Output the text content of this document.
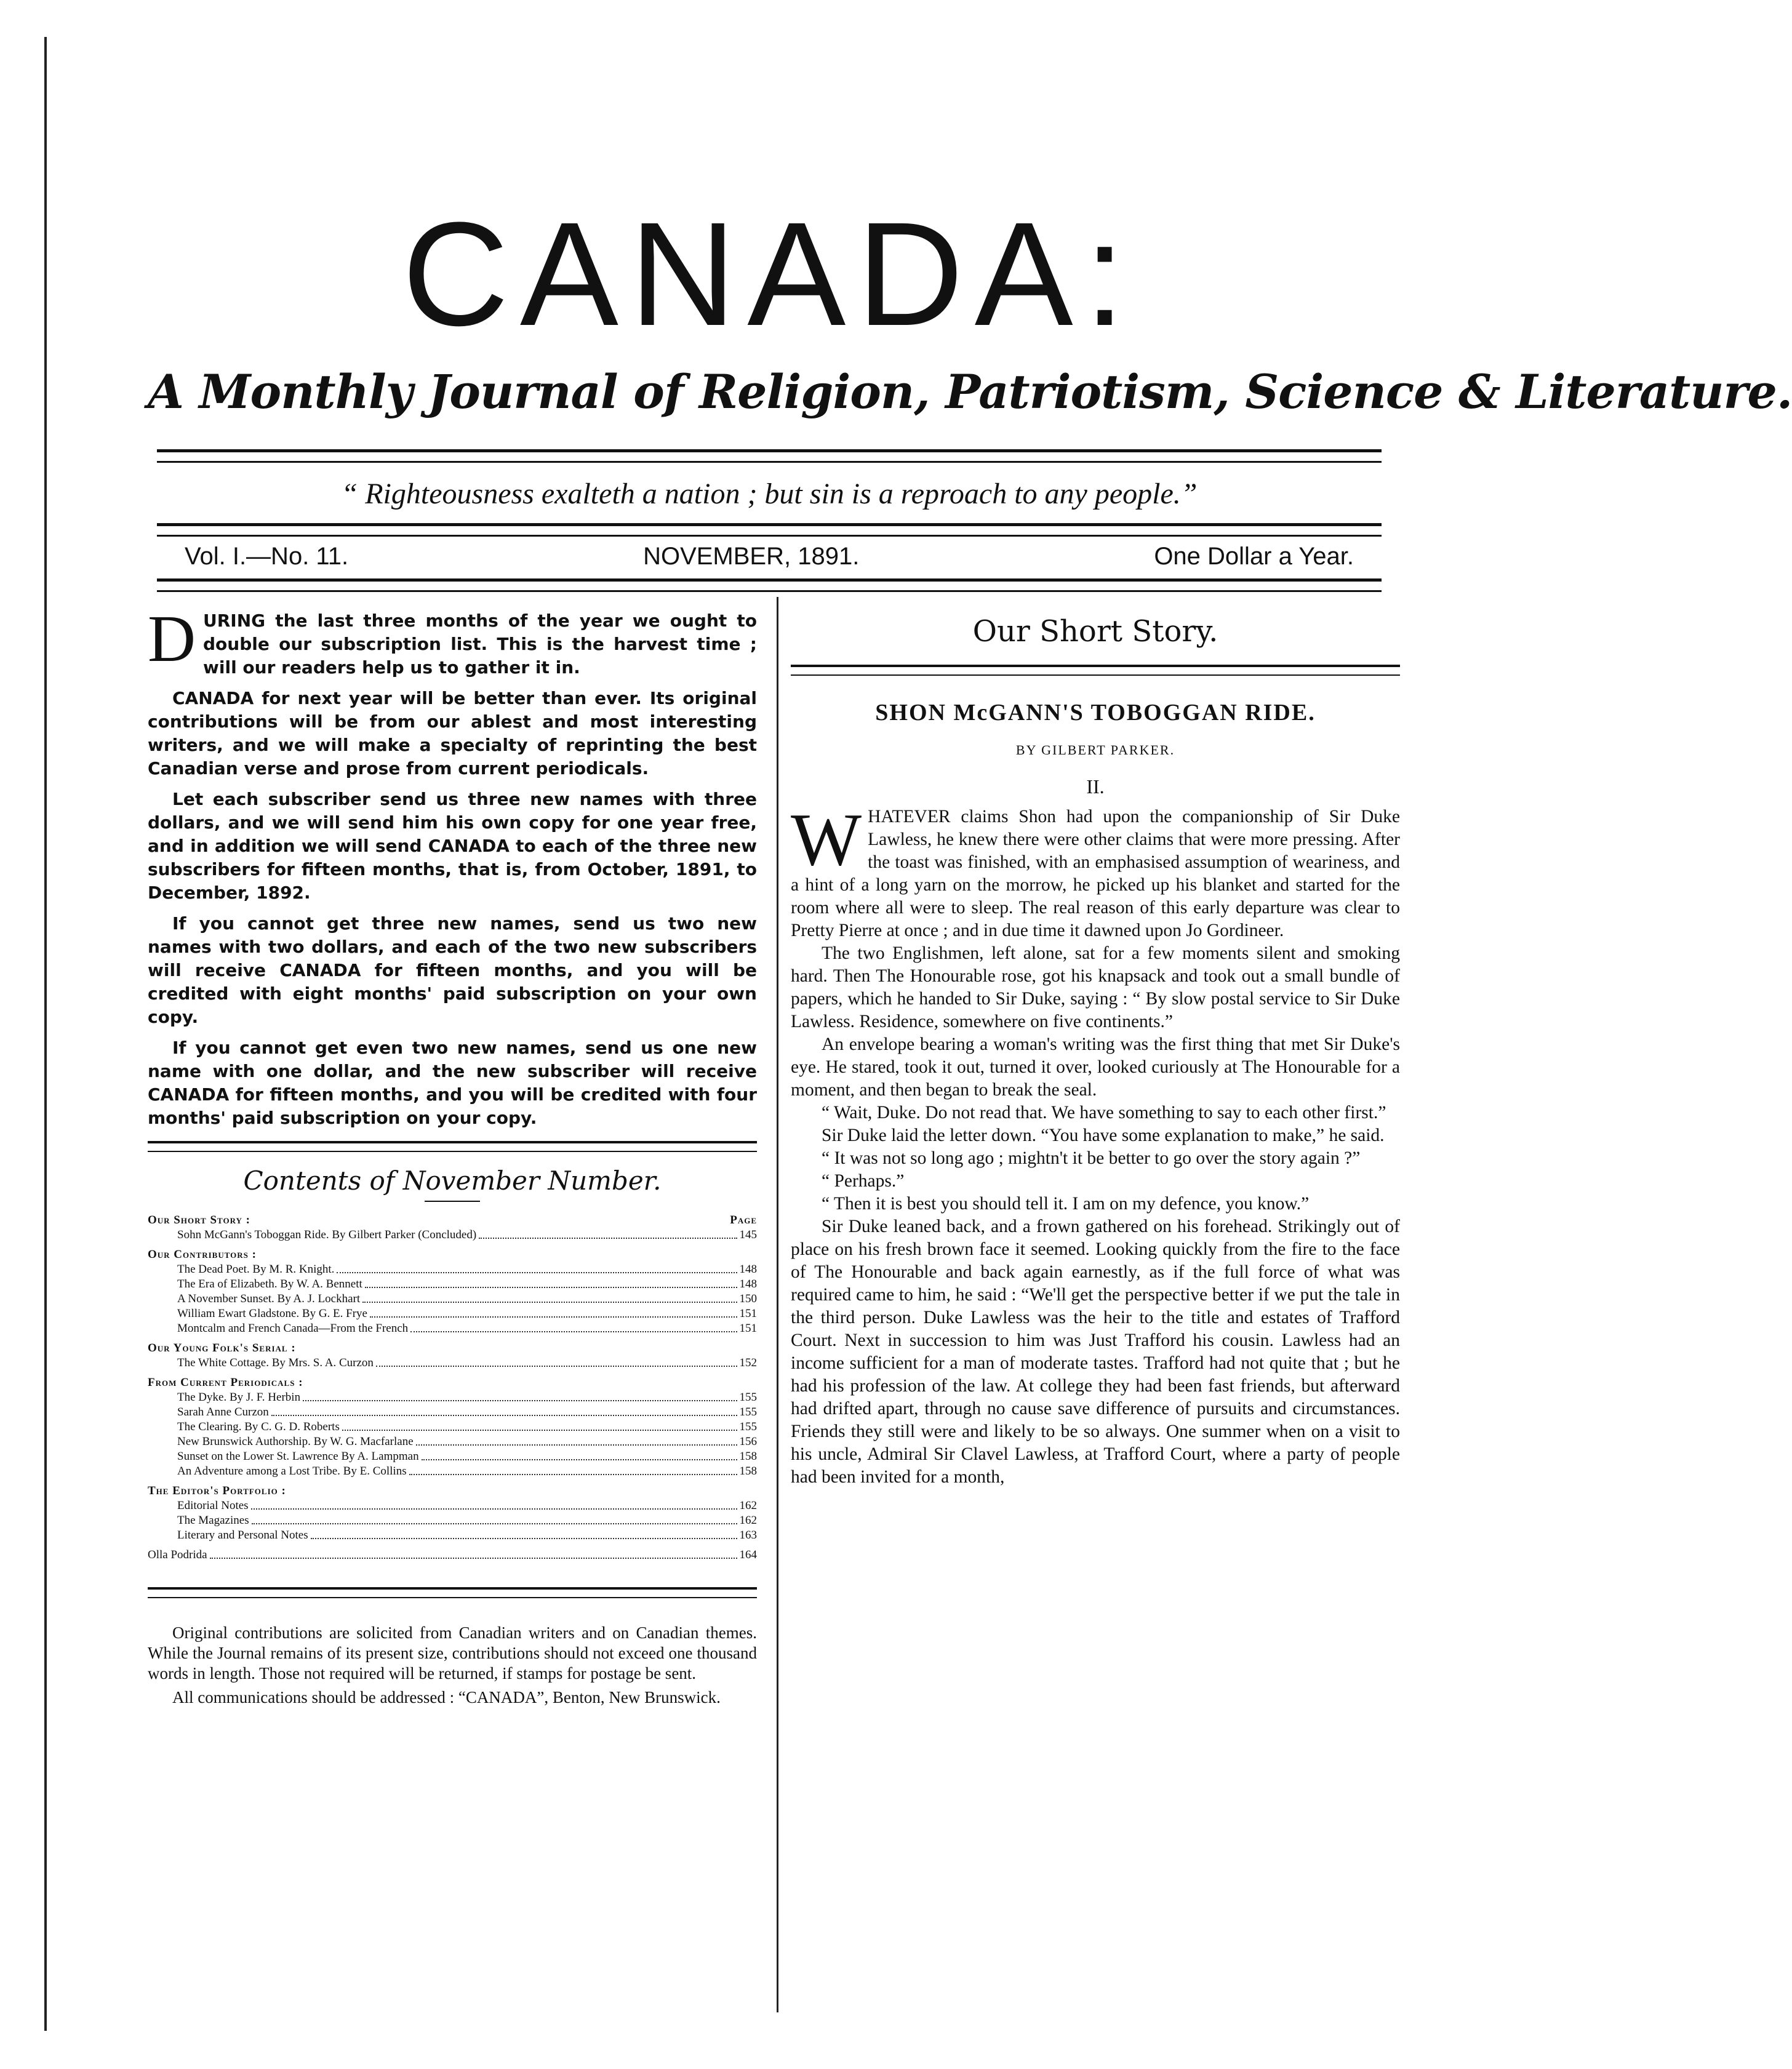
CANADA:
A Monthly Journal of Religion, Patriotism, Science & Literature.
“ Righteousness exalteth a nation ; but sin is a reproach to any people.”
Vol. I.—No. 11.	NOVEMBER, 1891.	One Dollar a Year.

DURING the last three months of the year we ought to double our subscription list. This is the harvest time ; will our readers help us to gather it in.

CANADA for next year will be better than ever. Its original contributions will be from our ablest and most interesting writers, and we will make a specialty of reprinting the best Canadian verse and prose from current periodicals.

Let each subscriber send us three new names with three dollars, and we will send him his own copy for one year free, and in addition we will send CANADA to each of the three new subscribers for fifteen months, that is, from October, 1891, to December, 1892.

If you cannot get three new names, send us two new names with two dollars, and each of the two new subscribers will receive CANADA for fifteen months, and you will be credited with eight months' paid subscription on your own copy.

If you cannot get even two new names, send us one new name with one dollar, and the new subscriber will receive CANADA for fifteen months, and you will be credited with four months' paid subscription on your copy.

Contents of November Number.
Our Short Story :	Page
Sohn McGann's Toboggan Ride. By Gilbert Parker (Concluded)	145
Our Contributors :
The Dead Poet. By M. R. Knight.	148
The Era of Elizabeth. By W. A. Bennett	148
A November Sunset. By A. J. Lockhart	150
William Ewart Gladstone. By G. E. Frye	151
Montcalm and French Canada—From the French	151
Our Young Folk's Serial :
The White Cottage. By Mrs. S. A. Curzon	152
From Current Periodicals :
The Dyke. By J. F. Herbin	155
Sarah Anne Curzon	155
The Clearing. By C. G. D. Roberts	155
New Brunswick Authorship. By W. G. Macfarlane	156
Sunset on the Lower St. Lawrence By A. Lampman	158
An Adventure among a Lost Tribe. By E. Collins	158
The Editor's Portfolio :
Editorial Notes	162
The Magazines	162
Literary and Personal Notes	163
Olla Podrida	164

Original contributions are solicited from Canadian writers and on Canadian themes. While the Journal remains of its present size, contributions should not exceed one thousand words in length. Those not required will be returned, if stamps for postage be sent.

All communications should be addressed : “CANADA”, Benton, New Brunswick.

Our Short Story.
SHON McGANN'S TOBOGGAN RIDE.
BY GILBERT PARKER.
II.

WHATEVER claims Shon had upon the companionship of Sir Duke Lawless, he knew there were other claims that were more pressing. After the toast was finished, with an emphasised assumption of weariness, and a hint of a long yarn on the morrow, he picked up his blanket and started for the room where all were to sleep. The real reason of this early departure was clear to Pretty Pierre at once ; and in due time it dawned upon Jo Gordineer.

The two Englishmen, left alone, sat for a few moments silent and smoking hard. Then The Honourable rose, got his knapsack and took out a small bundle of papers, which he handed to Sir Duke, saying : “ By slow postal service to Sir Duke Lawless. Residence, somewhere on five continents.”

An envelope bearing a woman's writing was the first thing that met Sir Duke's eye. He stared, took it out, turned it over, looked curiously at The Honourable for a moment, and then began to break the seal.

“ Wait, Duke. Do not read that. We have something to say to each other first.”

Sir Duke laid the letter down. “You have some explanation to make,” he said.

“ It was not so long ago ; mightn't it be better to go over the story again ?”

“ Perhaps.”

“ Then it is best you should tell it. I am on my defence, you know.”

Sir Duke leaned back, and a frown gathered on his forehead. Strikingly out of place on his fresh brown face it seemed. Looking quickly from the fire to the face of The Honourable and back again earnestly, as if the full force of what was required came to him, he said : “We'll get the perspective better if we put the tale in the third person. Duke Lawless was the heir to the title and estates of Trafford Court. Next in succession to him was Just Trafford his cousin. Lawless had an income sufficient for a man of moderate tastes. Trafford had not quite that ; but he had his profession of the law. At college they had been fast friends, but afterward had drifted apart, through no cause save difference of pursuits and circumstances. Friends they still were and likely to be so always. One summer when on a visit to his uncle, Admiral Sir Clavel Lawless, at Trafford Court, where a party of people had been invited for a month,
